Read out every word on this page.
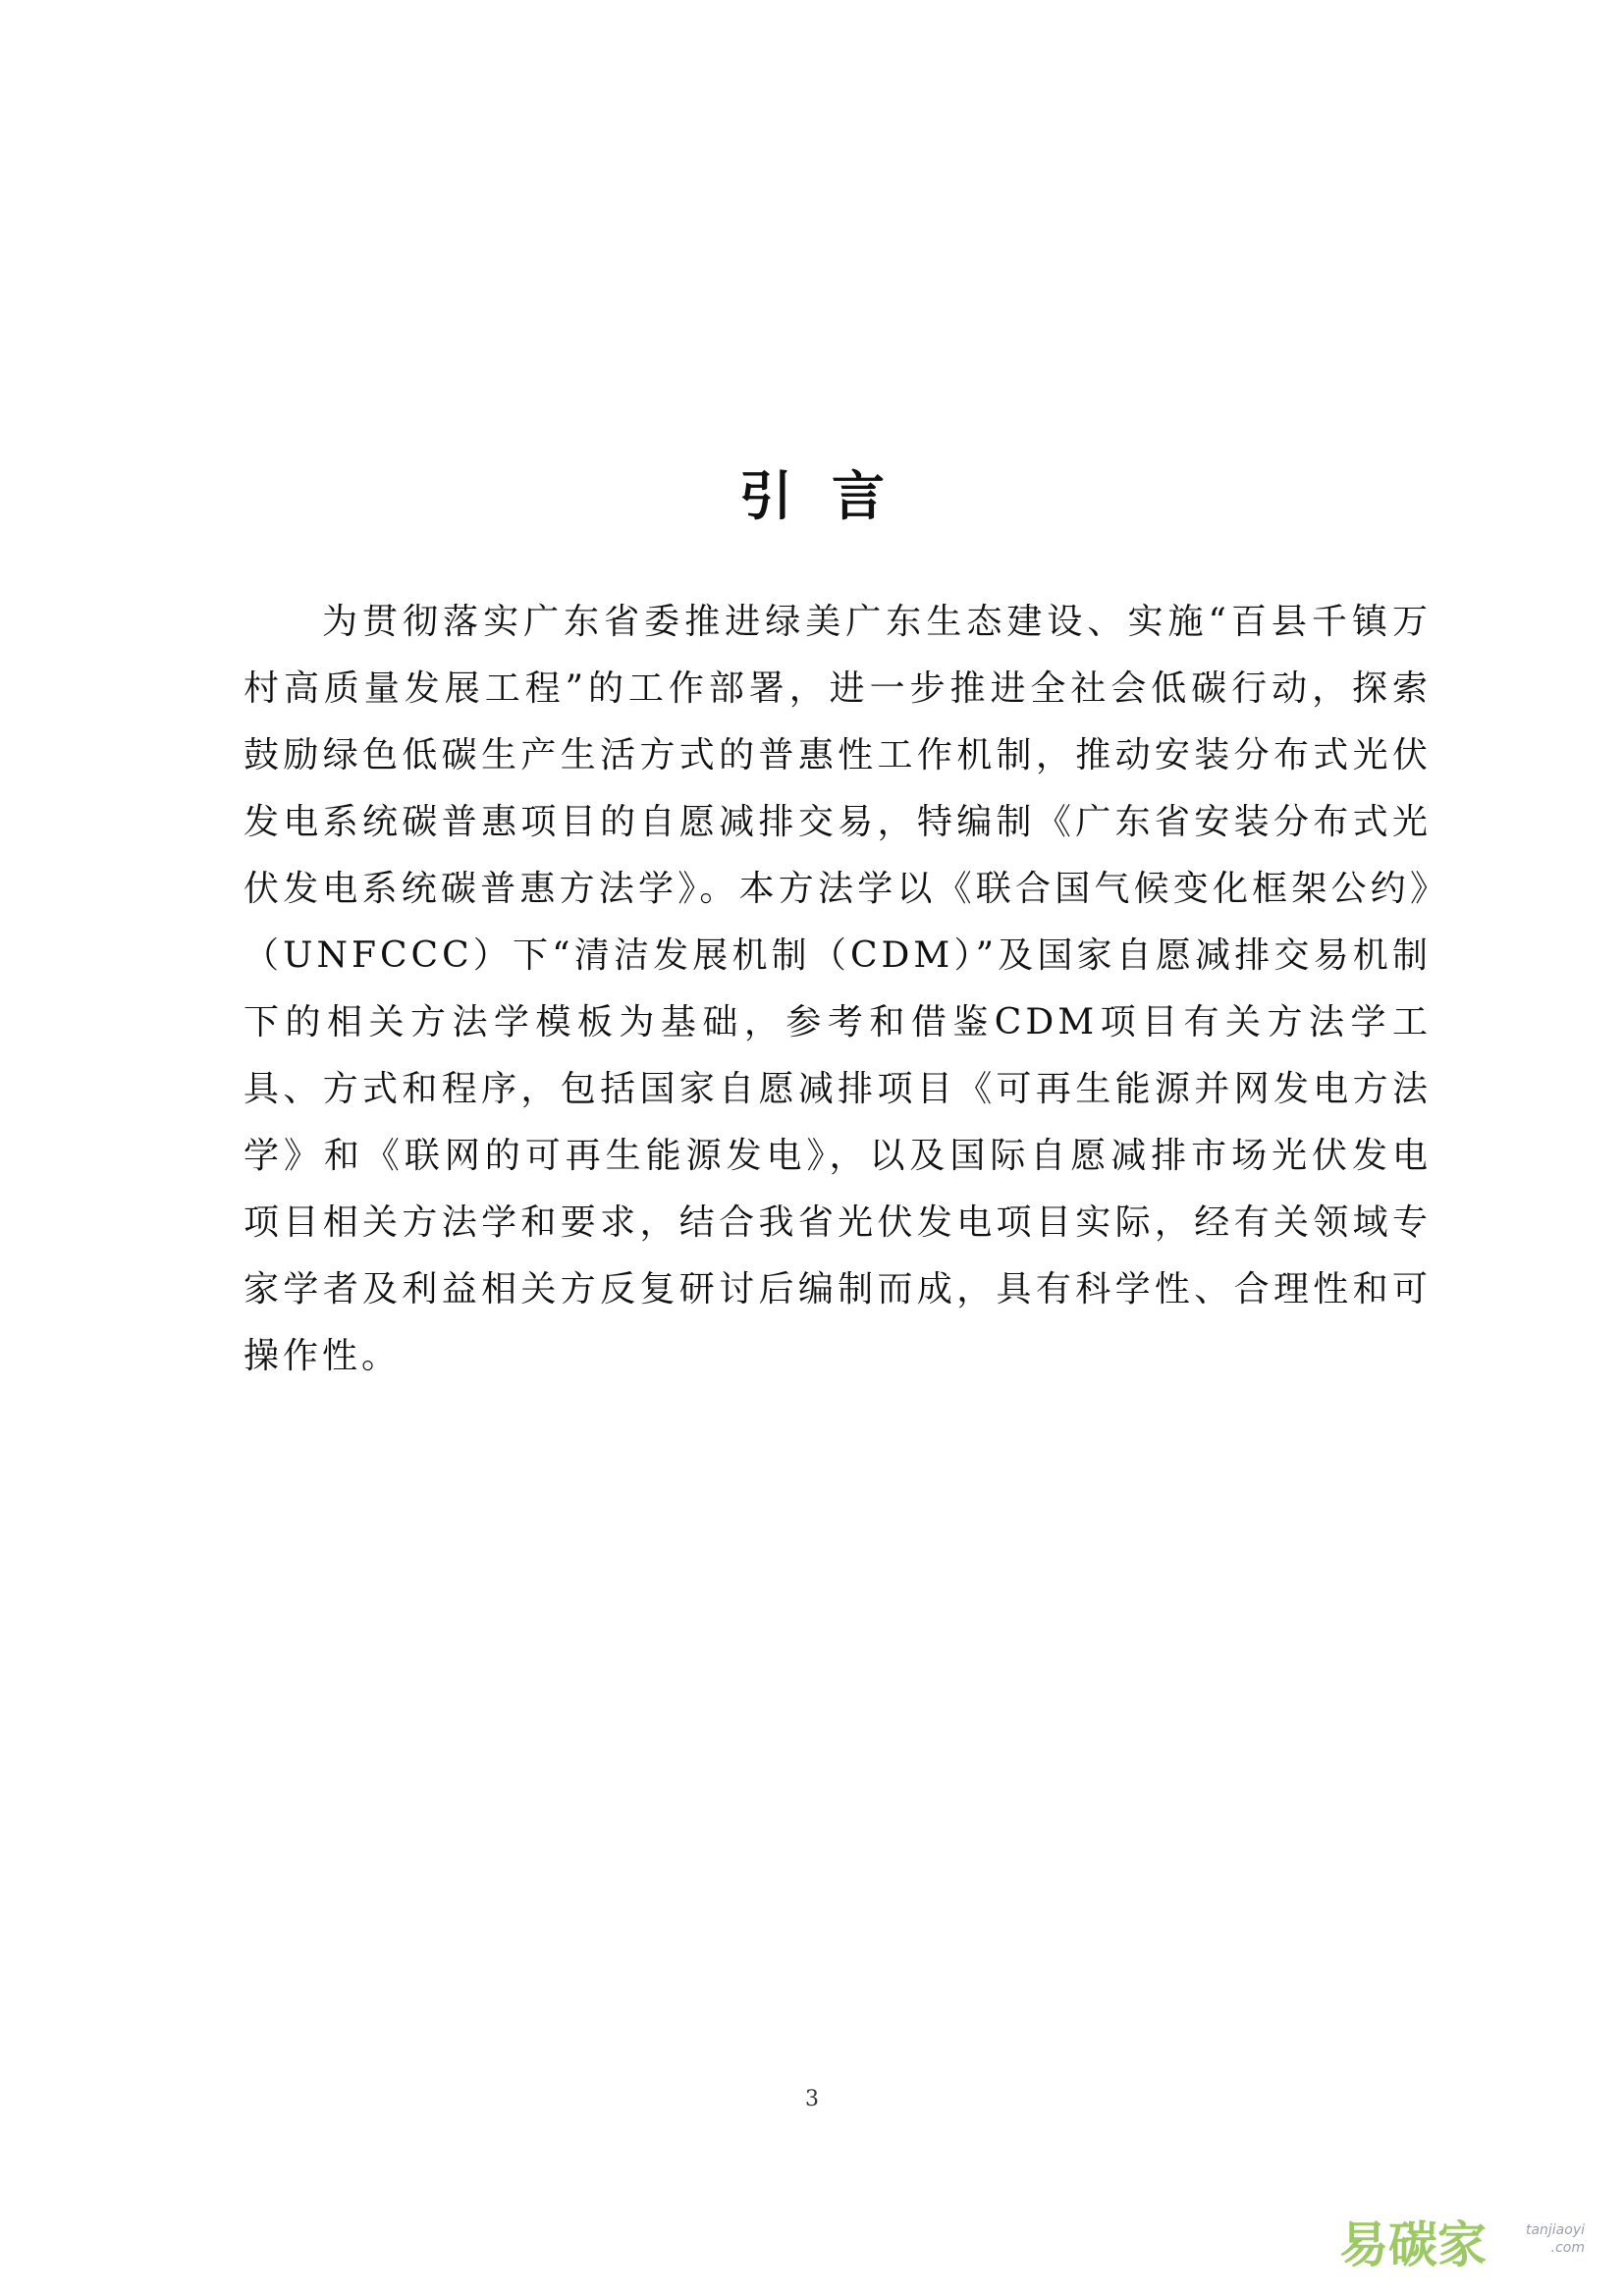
引言

为贯彻落实广东省委推进绿美广东生态建设、实施“百县千镇万村高质量发展工程”的工作部署，进一步推进全社会低碳行动，探索鼓励绿色低碳生产生活方式的普惠性工作机制，推动安装分布式光伏发电系统碳普惠项目的自愿减排交易，特编制《广东省安装分布式光伏发电系统碳普惠方法学》。本方法学以《联合国气候变化框架公约》（UNFCCC）下“清洁发展机制（CDM）”及国家自愿减排交易机制下的相关方法学模板为基础，参考和借鉴CDM项目有关方法学工具、方式和程序，包括国家自愿减排项目《可再生能源并网发电方法学》和《联网的可再生能源发电》，以及国际自愿减排市场光伏发电项目相关方法学和要求，结合我省光伏发电项目实际，经有关领域专家学者及利益相关方反复研讨后编制而成，具有科学性、合理性和可操作性。

3
易碳家	tanjiaoyi
.com
